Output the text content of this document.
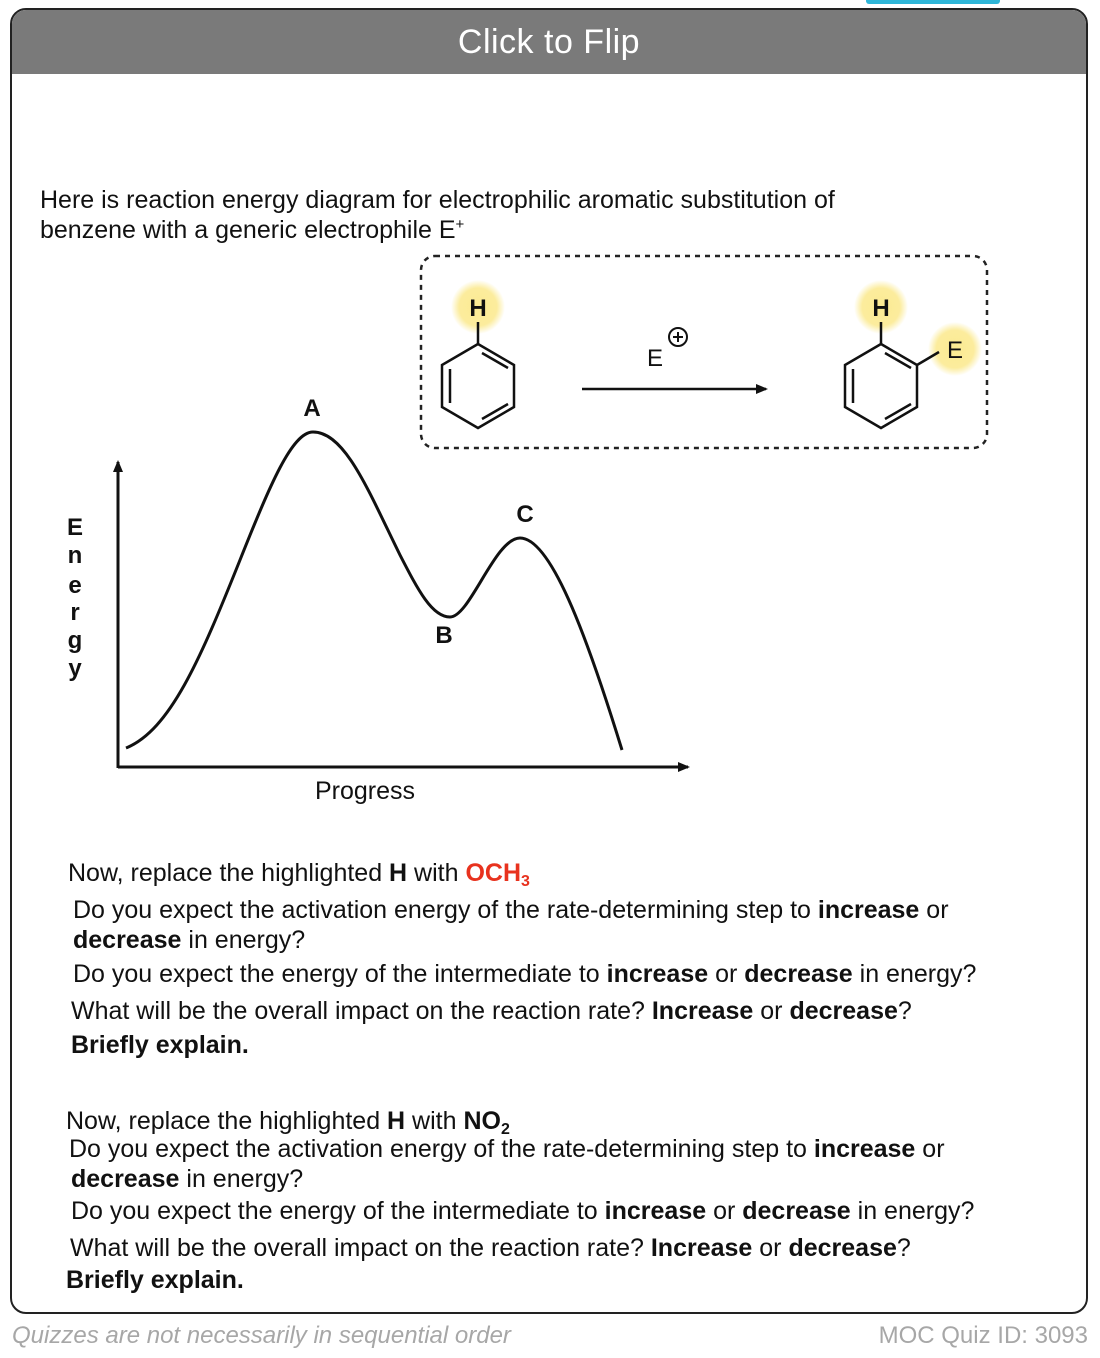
Click to Flip
Here is reaction energy diagram for electrophilic aromatic substitution of
benzene with a generic electrophile E+
Now, replace the highlighted H with $OCH_3$
Do you expect the activation energy of the rate-determining step to increase or
decrease in energy?
Do you expect the energy of the intermediate to increase or decrease in energy?
What will be the overall impact on the reaction rate? Increase or decrease?
Briefly explain.
Now, replace the highlighted H with $NO_2$
Do you expect the activation energy of the rate-determining step to increase or
decrease in energy?
Do you expect the energy of the intermediate to increase or decrease in energy?
What will be the overall impact on the reaction rate? Increase or decrease?
Briefly explain.
H
E
H
E
A
B
C
E
n
e
r
g
y
Progress
Quizzes are not necessarily in sequential order	MOC Quiz ID: 3093
